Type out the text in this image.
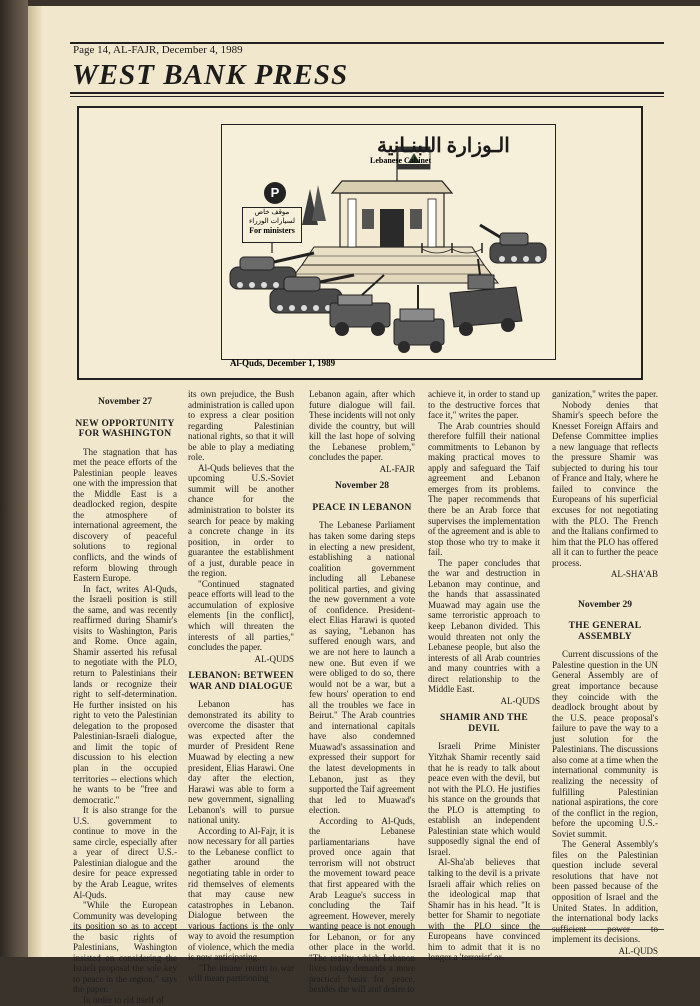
Page 14, AL-FAJR, December 4, 1989
WEST BANK PRESS
الـوزارة اللبنـانية
Lebanese Cabinet
P
موقف خاص
لسيارات الوزراء
For ministers
Al-Quds, December 1, 1989
November 27
NEW OPPORTUNITY FOR WASHINGTON

The stagnation that has met the peace efforts of the Palestinian people leaves one with the impression that the Middle East is a deadlocked region, despite the atmosphere of international agreement, the discovery of peaceful solutions to regional conflicts, and the winds of reform blowing through Eastern Europe.

In fact, writes Al-Quds, the Israeli position is still the same, and was recently reaffirmed during Shamir's visits to Washington, Paris and Rome. Once again, Shamir asserted his refusal to negotiate with the PLO, return to Palestinians their lands or recognize their right to self-determination. He further insisted on his right to veto the Palestinian delegation to the proposed Palestinian-Israeli dialogue, and limit the topic of discussion to his election plan in the occupied territories -- elections which he wants to be "free and democratic."

It is also strange for the U.S. government to continue to move in the same circle, especially after a year of direct U.S.-Palestinian dialogue and the desire for peace expressed by the Arab League, writes Al-Quds.

"While the European Community was developing its position so as to accept the basic rights of Palestinians, Washington insisted on considering the Israeli proposal the sole key to peace in the region," says the paper.

In order to rid itself of

its own prejudice, the Bush administration is called upon to express a clear position regarding Palestinian national rights, so that it will be able to play a mediating role.

Al-Quds believes that the upcoming U.S.-Soviet summit will be another chance for the administration to bolster its search for peace by making a concrete change in its position, in order to guarantee the establishment of a just, durable peace in the region.

"Continued stagnated peace efforts will lead to the accumulation of explosive elements [in the conflict], which will threaten the interests of all parties," concludes the paper.

AL-QUDS
LEBANON: BETWEEN WAR AND DIALOGUE

Lebanon has demonstrated its ability to overcome the disaster that was expected after the murder of President Rene Muawad by electing a new president, Elias Harawi. One day after the election, Harawi was able to form a new government, signalling Lebanon's will to pursue national unity.

According to Al-Fajr, it is now necessary for all parties to the Lebanese conflict to gather around the negotiating table in order to rid themselves of elements that may cause new catastrophes in Lebanon. Dialogue between the various factions is the only way to avoid the resumption of violence, which the media is now anticipating.

"The insane return to war will mean partitioning

Lebanon again, after which future dialogue will fail. These incidents will not only divide the country, but will kill the last hope of solving the Lebanese problem," concludes the paper.

AL-FAJR
November 28
PEACE IN LEBANON

The Lebanese Parliament has taken some daring steps in electing a new president, establishing a national coalition government including all Lebanese political parties, and giving the new government a vote of confidence. President-elect Elias Harawi is quoted as saying, "Lebanon has suffered enough wars, and we are not here to launch a new one. But even if we were obliged to do so, there would not be a war, but a few hours' operation to end all the troubles we face in Beirut." The Arab countries and international capitals have also condemned Muawad's assassination and expressed their support for the latest developments in Lebanon, just as they supported the Taif agreement that led to Muawad's election.

According to Al-Quds, the Lebanese parliamentarians have proved once again that terrorism will not obstruct the movement toward peace that first appeared with the Arab League's success in concluding the Taif agreement. However, merely wanting peace is not enough for Lebanon, or for any other place in the world. "The reality which Lebanon lives today demands a more practical basis for peace, besides the will and desire to

achieve it, in order to stand up to the destructive forces that face it," writes the paper.

The Arab countries should therefore fulfill their national commitments to Lebanon by making practical moves to apply and safeguard the Taif agreement and Lebanon emerges from its problems. The paper recommends that there be an Arab force that supervises the implementation of the agreement and is able to stop those who try to make it fail.

The paper concludes that the war and destruction in Lebanon may continue, and the hands that assassinated Muawad may again use the same terroristic approach to keep Lebanon divided. This would threaten not only the Lebanese people, but also the interests of all Arab countries and many countries with a direct relationship to the Middle East.

AL-QUDS
SHAMIR AND THE DEVIL

Israeli Prime Minister Yitzhak Shamir recently said that he is ready to talk about peace even with the devil, but not with the PLO. He justifies his stance on the grounds that the PLO is attempting to establish an independent Palestinian state which would supposedly signal the end of Israel.

Al-Sha'ab believes that talking to the devil is a private Israeli affair which relies on the ideological map that Shamir has in his head. "It is better for Shamir to negotiate with the PLO since the Europeans have convinced him to admit that it is no longer a 'terrorist' or-

ganization," writes the paper.

Nobody denies that Shamir's speech before the Knesset Foreign Affairs and Defense Committee implies a new language that reflects the pressure Shamir was subjected to during his tour of France and Italy, where he failed to convince the Europeans of his superficial excuses for not negotiating with the PLO. The French and the Italians confirmed to him that the PLO has offered all it can to further the peace process.

AL-SHA'AB
November 29
THE GENERAL ASSEMBLY

Current discussions of the Palestine question in the UN General Assembly are of great importance because they coincide with the deadlock brought about by the U.S. peace proposal's failure to pave the way to a just solution for the Palestinians. The discussions also come at a time when the international community is realizing the necessity of fulfilling Palestinian national aspirations, the core of the conflict in the region, before the upcoming U.S.-Soviet summit.

The General Assembly's files on the Palestinian question include several resolutions that have not been passed because of the opposition of Israel and the United States. In addition, the international body lacks sufficient power to implement its decisions.

AL-QUDS
